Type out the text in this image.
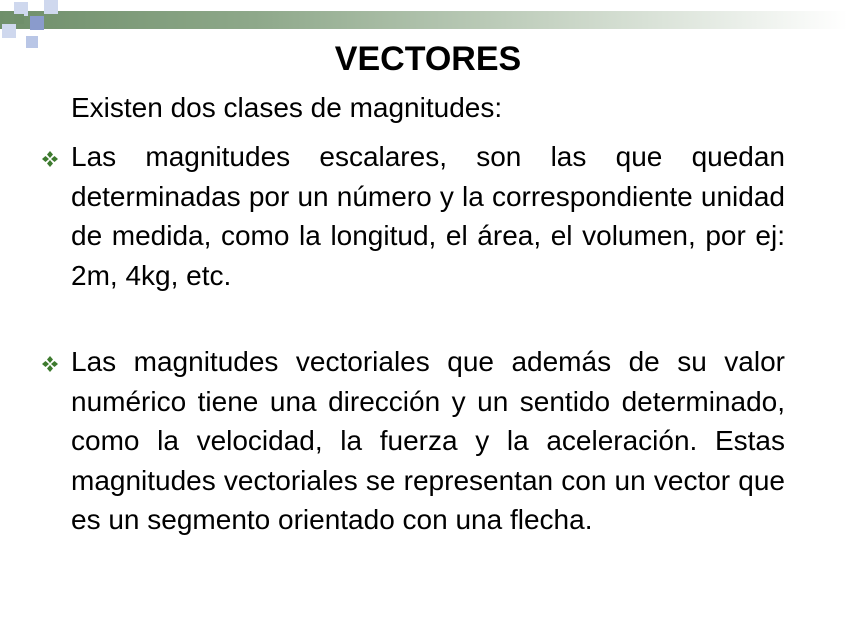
VECTORES
Existen dos clases de magnitudes:
Las magnitudes escalares, son las que quedan determinadas por un número y la correspondiente unidad de medida, como la longitud, el área, el volumen, por ej: 2m, 4kg, etc.
Las magnitudes vectoriales que además de su valor numérico tiene una dirección y un sentido determinado, como la velocidad, la fuerza y la aceleración. Estas magnitudes vectoriales se representan con un vector que es un segmento orientado con una flecha.
